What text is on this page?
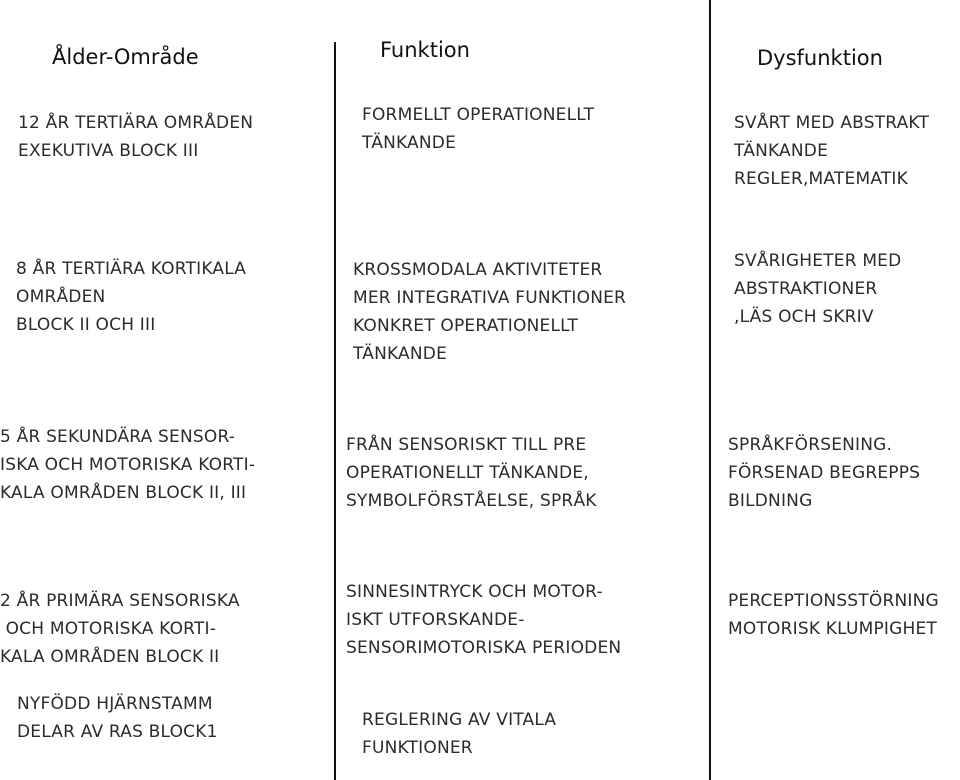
Ålder-Område	Funktion	Dysfunktion
12 ÅR TERTIÄRA OMRÅDEN
EXEKUTIVA BLOCK III
FORMELLT OPERATIONELLT
TÄNKANDE
SVÅRT MED ABSTRAKT
TÄNKANDE
REGLER,MATEMATIK
8 ÅR TERTIÄRA KORTIKALA
OMRÅDEN
BLOCK II OCH III
KROSSMODALA AKTIVITETER
MER INTEGRATIVA FUNKTIONER
KONKRET OPERATIONELLT
TÄNKANDE
SVÅRIGHETER MED
ABSTRAKTIONER
,LÄS OCH SKRIV
5 ÅR SEKUNDÄRA SENSOR-
ISKA OCH MOTORISKA KORTI-
KALA OMRÅDEN BLOCK II, III
FRÅN SENSORISKT TILL PRE
OPERATIONELLT TÄNKANDE,
SYMBOLFÖRSTÅELSE, SPRÅK
SPRÅKFÖRSENING.
FÖRSENAD BEGREPPS
BILDNING
2 ÅR PRIMÄRA SENSORISKA
OCH MOTORISKA KORTI-
KALA OMRÅDEN BLOCK II
SINNESINTRYCK OCH MOTOR-
ISKT UTFORSKANDE-
SENSORIMOTORISKA PERIODEN
PERCEPTIONSSTÖRNING
MOTORISK KLUMPIGHET
NYFÖDD HJÄRNSTAMM
DELAR AV RAS BLOCK1
REGLERING AV VITALA
FUNKTIONER
